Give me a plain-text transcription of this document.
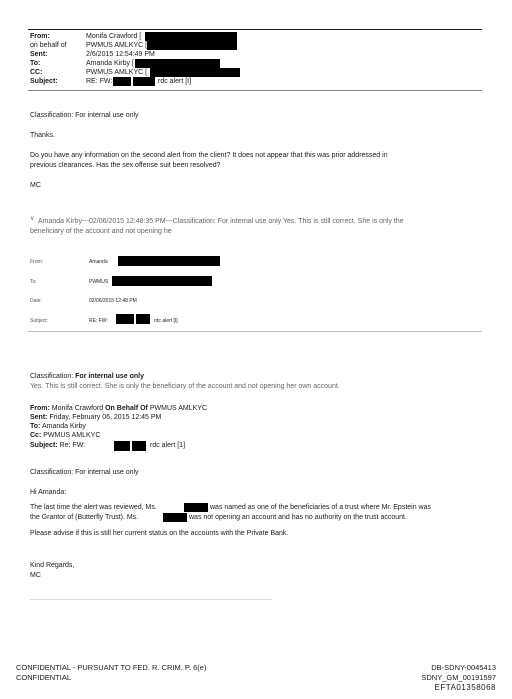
From:	Monifa Crawford [
on behalf of	PWMUS AMLKYC [
Sent:	2/6/2015 12:54:49 PM
To:	Amanda Kirby [
CC:	PWMUS AMLKYC [
Subject:	RE: FW:	rdc alert [I]
Classification: For internal use only
Thanks.
Do you have any information on the second alert from the client? It does not appear that this was prior addressed in
previous clearances. Has the sex offense suit been resolved?
MC
∨ Amanda Kirby---02/06/2015 12:48:35 PM---Classification: For internal use only Yes. This is still correct. She is only the
beneficiary of the account and not opening he
From:	Amanda
To:	PWMUS
Date:	02/06/2015 12:48 PM
Subject:	RE: FW:	rdc alert [I]
Classification: For internal use only
Yes. This is still correct. She is only the beneficiary of the account and not opening her own account.
From: Monifa Crawford On Behalf Of PWMUS AMLKYC
Sent: Friday, February 06, 2015 12:45 PM
To: Amanda Kirby
Cc: PWMUS AMLKYC
Subject: Re: FW:	rdc alert [1]
Classification: For internal use only
Hi Amanda:
The last time the alert was reviewed, Ms.	was named as one of the beneficiaries of a trust where Mr. Epstein was
the Grantor of (Butterfly Trust). Ms.	was not opening an account and has no authority on the trust account.
Please advise if this is still her current status on the accounts with the Private Bank.
Kind Regards,
MC
CONFIDENTIAL - PURSUANT TO FED. R. CRIM. P. 6(e)
CONFIDENTIAL
DB-SDNY-0045413
SDNY_GM_00191597
EFTA01358068
